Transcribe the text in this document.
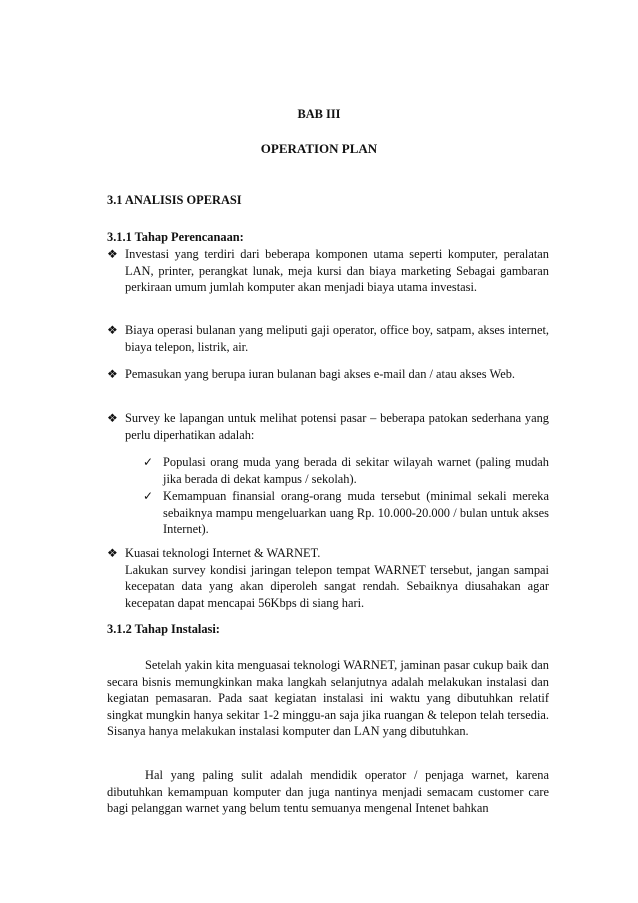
BAB III
OPERATION PLAN
3.1 ANALISIS OPERASI
3.1.1 Tahap Perencanaan:
❖ Investasi yang terdiri dari beberapa komponen utama seperti komputer, peralatan LAN, printer, perangkat lunak, meja kursi dan biaya marketing Sebagai gambaran perkiraan umum jumlah komputer akan menjadi biaya utama investasi.

❖ Biaya operasi bulanan yang meliputi gaji operator, office boy, satpam, akses internet, biaya telepon, listrik, air.

❖ Pemasukan yang berupa iuran bulanan bagi akses e-mail dan / atau akses Web.

❖ Survey ke lapangan untuk melihat potensi pasar – beberapa patokan sederhana yang perlu diperhatikan adalah:

✓ Populasi orang muda yang berada di sekitar wilayah warnet (paling mudah jika berada di dekat kampus / sekolah).

✓ Kemampuan finansial orang-orang muda tersebut (minimal sekali mereka sebaiknya mampu mengeluarkan uang Rp. 10.000-20.000 / bulan untuk akses Internet).

❖ Kuasai teknologi Internet & WARNET.

Lakukan survey kondisi jaringan telepon tempat WARNET tersebut, jangan sampai kecepatan data yang akan diperoleh sangat rendah. Sebaiknya diusahakan agar kecepatan dapat mencapai 56Kbps di siang hari.

3.1.2 Tahap Instalasi:
Setelah yakin kita menguasai teknologi WARNET, jaminan pasar cukup baik dan secara bisnis memungkinkan maka langkah selanjutnya adalah melakukan instalasi dan kegiatan pemasaran. Pada saat kegiatan instalasi ini waktu yang dibutuhkan relatif singkat mungkin hanya sekitar 1-2 minggu-an saja jika ruangan & telepon telah tersedia. Sisanya hanya melakukan instalasi komputer dan LAN yang dibutuhkan.
Hal yang paling sulit adalah mendidik operator / penjaga warnet, karena dibutuhkan kemampuan komputer dan juga nantinya menjadi semacam customer care bagi pelanggan warnet yang belum tentu semuanya mengenal Intenet bahkan
